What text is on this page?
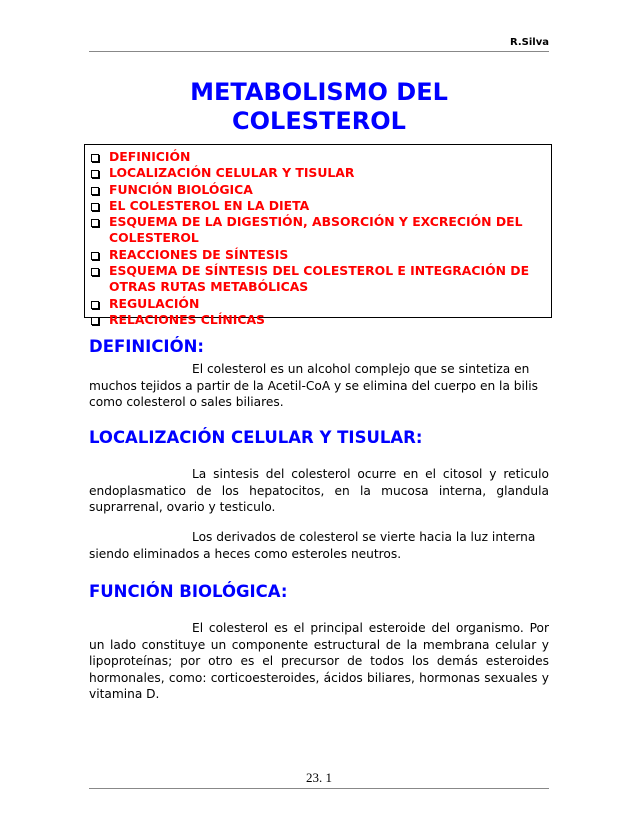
R.Silva
METABOLISMO DEL
COLESTEROL
DEFINICIÓN
LOCALIZACIÓN CELULAR Y TISULAR
FUNCIÓN BIOLÓGICA
EL COLESTEROL EN LA DIETA
ESQUEMA DE LA DIGESTIÓN, ABSORCIÓN Y EXCRECIÓN DEL COLESTEROL
REACCIONES DE SÍNTESIS
ESQUEMA DE SÍNTESIS DEL COLESTEROL E INTEGRACIÓN DE OTRAS RUTAS METABÓLICAS
REGULACIÓN
RELACIONES CLÍNICAS
DEFINICIÓN:

El colesterol es un alcohol complejo que se sintetiza en muchos tejidos a partir de la Acetil-CoA y se elimina del cuerpo en la bilis como colesterol o sales biliares.

LOCALIZACIÓN CELULAR Y TISULAR:

La sintesis del colesterol ocurre en el citosol y reticulo endoplasmatico de los hepatocitos, en la mucosa interna, glandula suprarrenal, ovario y testiculo.

Los derivados de colesterol se vierte hacia la luz interna siendo eliminados a heces como esteroles neutros.

FUNCIÓN BIOLÓGICA:

El colesterol es el principal esteroide del organismo. Por un lado constituye un componente estructural de la membrana celular y lipoproteínas; por otro es el precursor de todos los demás esteroides hormonales, como: corticoesteroides, ácidos biliares, hormonas sexuales y vitamina D.

23. 1
